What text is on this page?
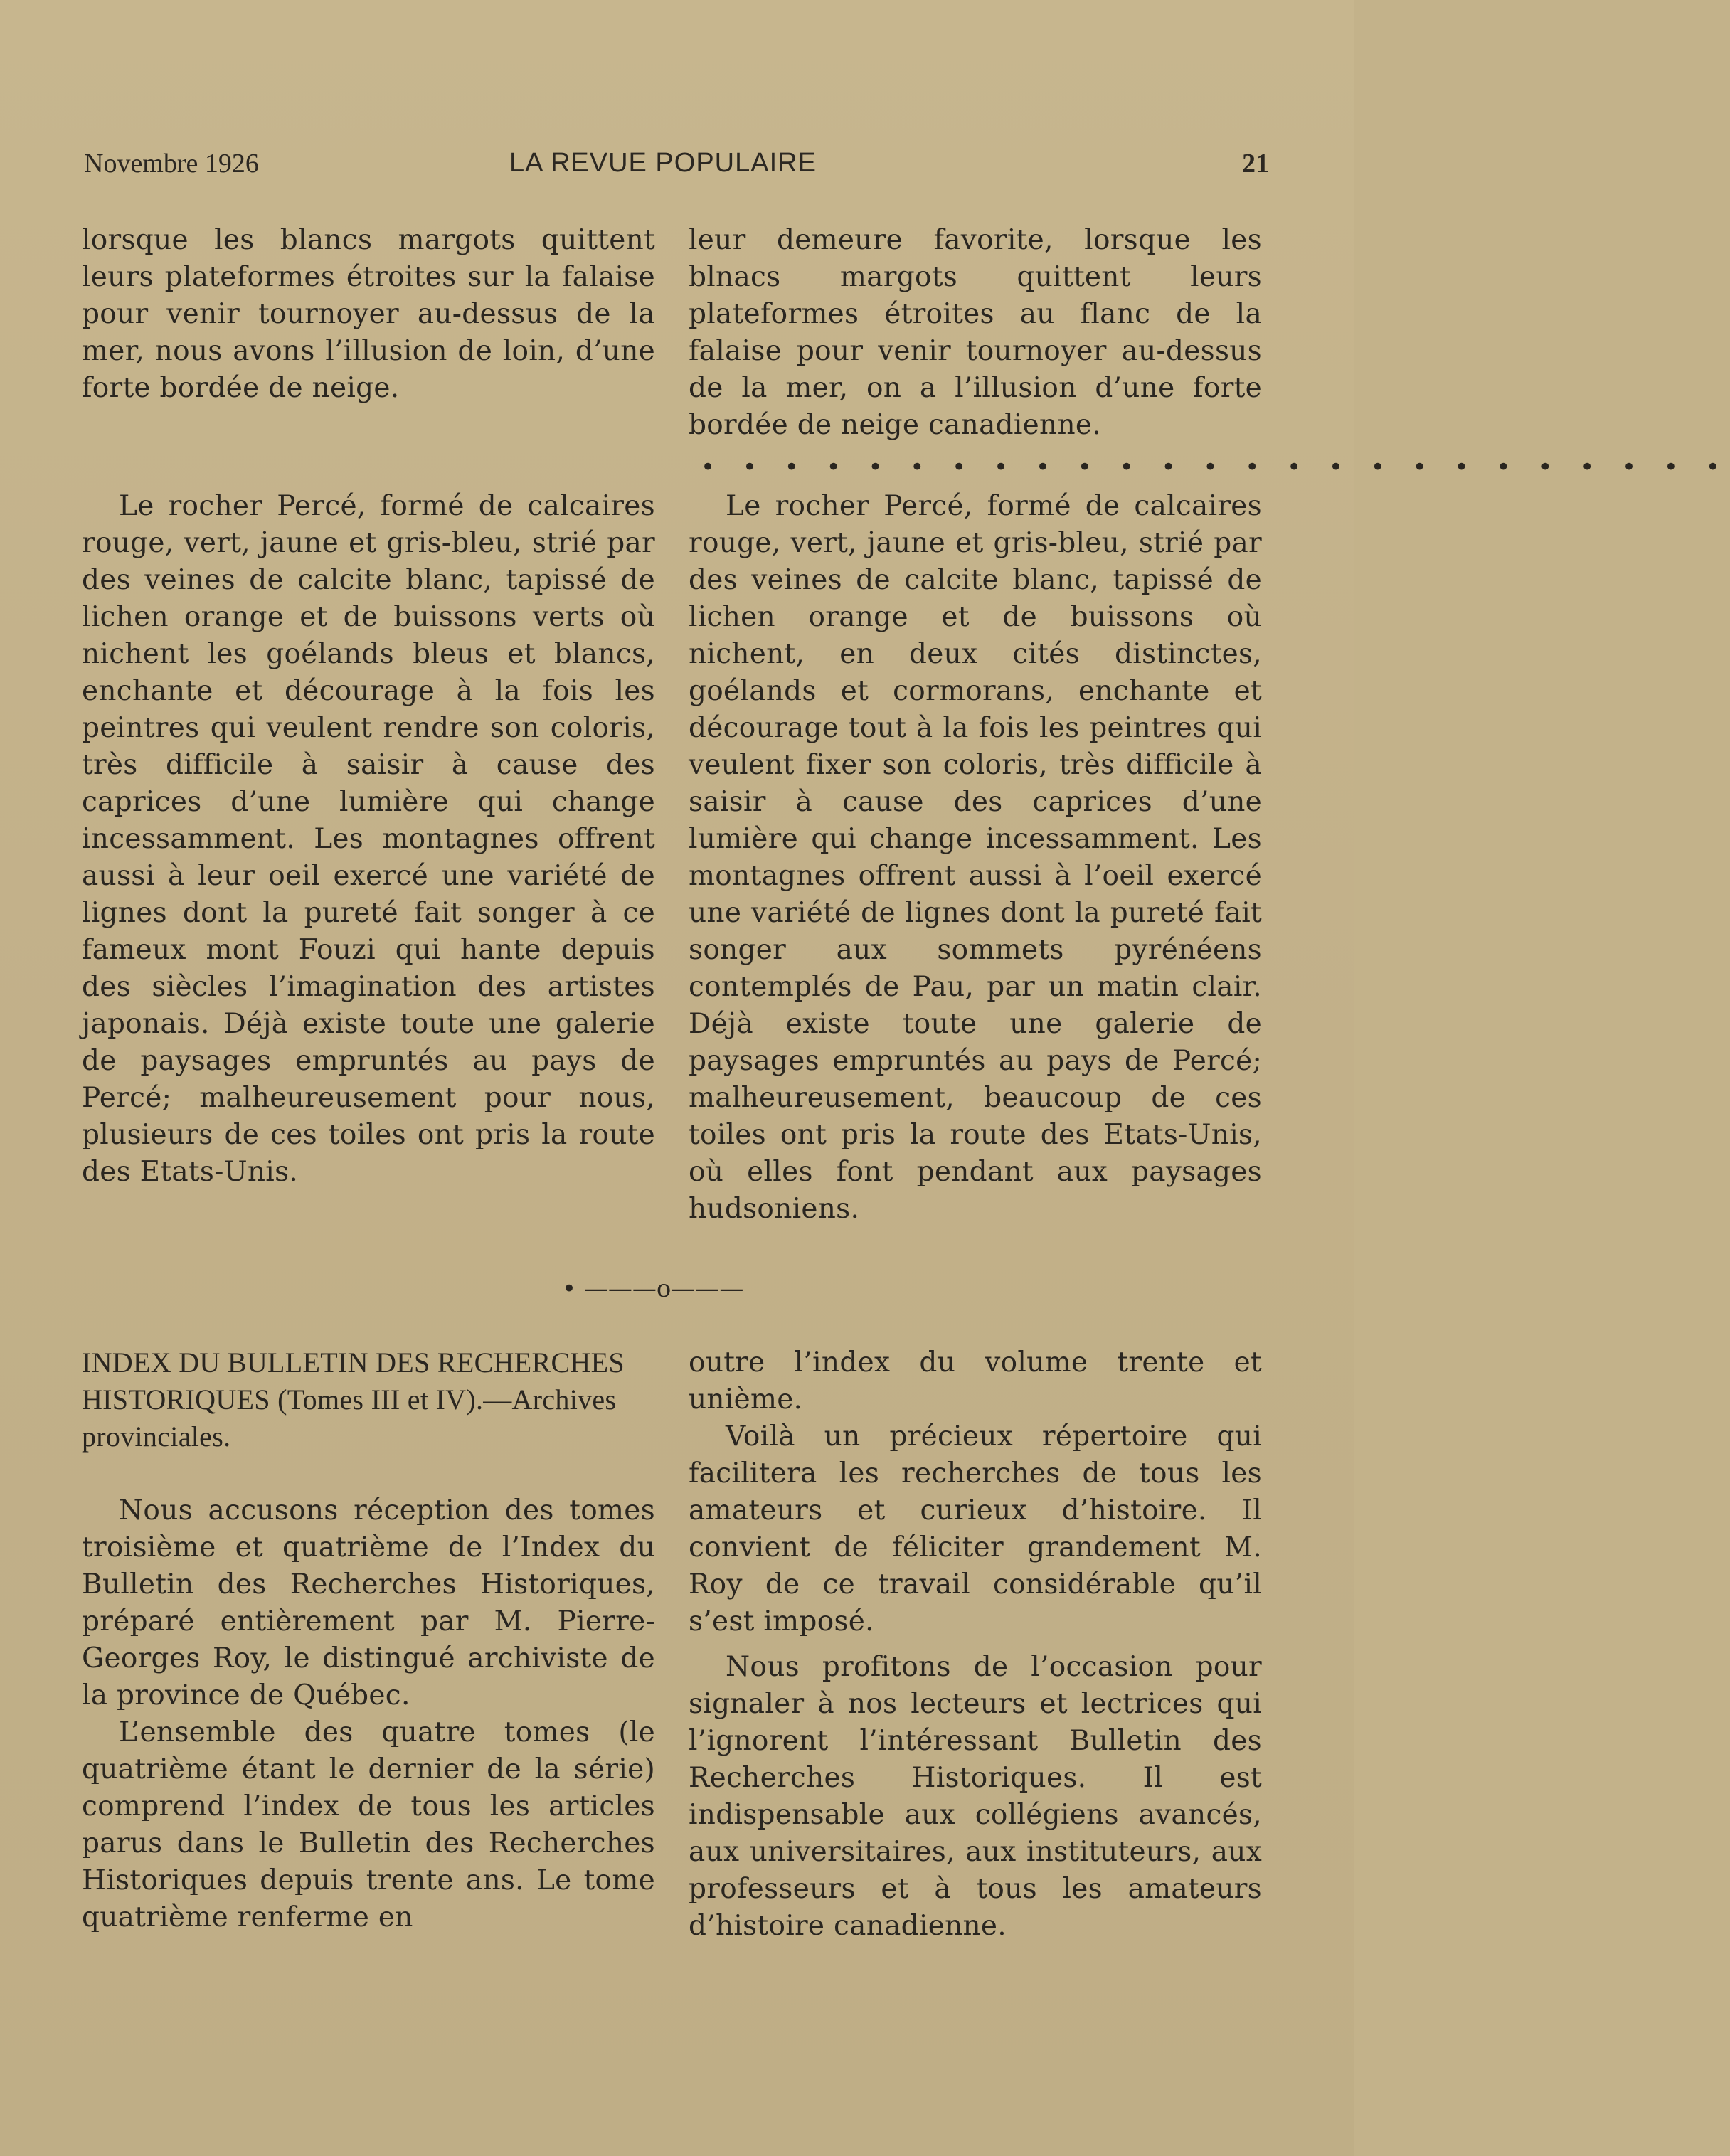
Novembre 1926	LA REVUE POPULAIRE	21

lorsque les blancs margots quittent leurs plateformes étroites sur la falaise pour venir tournoyer au-dessus de la mer, nous avons l’illusion de loin, d’une forte bordée de neige.

Le rocher Percé, formé de calcaires rouge, vert, jaune et gris-bleu, strié par des veines de calcite blanc, tapissé de lichen orange et de buissons verts où nichent les goélands bleus et blancs, enchante et décourage à la fois les peintres qui veulent rendre son coloris, très difficile à saisir à cause des caprices d’une lumière qui change incessamment. Les montagnes offrent aussi à leur oeil exercé une variété de lignes dont la pureté fait songer à ce fameux mont Fouzi qui hante depuis des siècles l’imagination des artistes japonais. Déjà existe toute une galerie de paysages empruntés au pays de Percé; malheureusement pour nous, plusieurs de ces toiles ont pris la route des Etats-Unis.

leur demeure favorite, lorsque les blnacs margots quittent leurs plateformes étroites au flanc de la falaise pour venir tournoyer au-dessus de la mer, on a l’illusion d’une forte bordée de neige canadienne.

• • • • • • • • • • • • • • • • • • • • • • • • •

Le rocher Percé, formé de calcaires rouge, vert, jaune et gris-bleu, strié par des veines de calcite blanc, tapissé de lichen orange et de buissons où nichent, en deux cités distinctes, goélands et cormorans, enchante et décourage tout à la fois les peintres qui veulent fixer son coloris, très difficile à saisir à cause des caprices d’une lumière qui change incessamment. Les montagnes offrent aussi à l’oeil exercé une variété de lignes dont la pureté fait songer aux sommets pyrénéens contemplés de Pau, par un matin clair. Déjà existe toute une galerie de paysages empruntés au pays de Percé; malheureusement, beaucoup de ces toiles ont pris la route des Etats-Unis, où elles font pendant aux paysages hudsoniens.

• ———o———

INDEX DU BULLETIN DES RECHERCHES HISTORIQUES (Tomes III et IV).—Archives provinciales.

Nous accusons réception des tomes troisième et quatrième de l’Index du Bulletin des Recherches Historiques, préparé entièrement par M. Pierre-Georges Roy, le distingué archiviste de la province de Québec.

L’ensemble des quatre tomes (le quatrième étant le dernier de la série) comprend l’index de tous les articles parus dans le Bulletin des Recherches Historiques depuis trente ans. Le tome quatrième renferme en

outre l’index du volume trente et unième.

Voilà un précieux répertoire qui facilitera les recherches de tous les amateurs et curieux d’histoire. Il convient de féliciter grandement M. Roy de ce travail considérable qu’il s’est imposé.

Nous profitons de l’occasion pour signaler à nos lecteurs et lectrices qui l’ignorent l’intéressant Bulletin des Recherches Historiques. Il est indispensable aux collégiens avancés, aux universitaires, aux instituteurs, aux professeurs et à tous les amateurs d’histoire canadienne.
